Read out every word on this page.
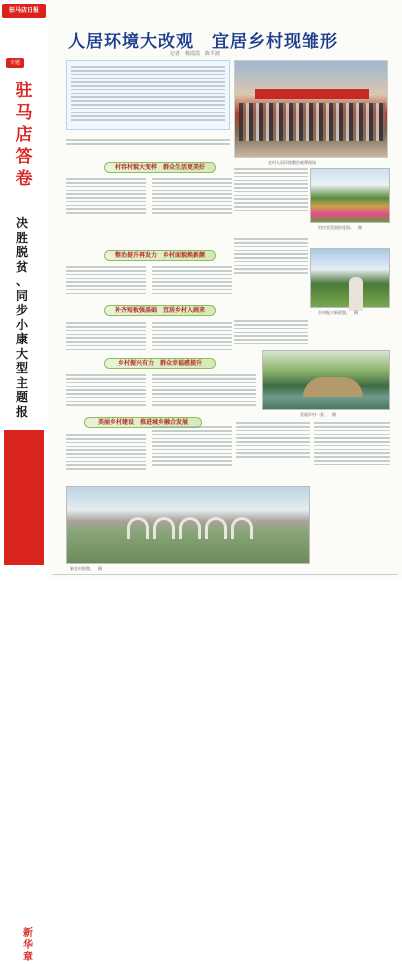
驻马店日报
专题
驻
马
店
答
卷
决
胜
脱
贫
、
同
步
小
康
大
型
主
题
报
新
华
章
人居环境大改观　宜居乡村现雏形
记者　杨霞霞　陈平波
农村人居环境整治观摩现场
村容村貌大变样　群众生活更美好
村庄里美丽的花海。　摄
整治提升再发力　乡村面貌焕新颜
乡村振兴新面貌。　摄
补齐短板强基础　宜居乡村入画来
美丽乡村一景。　摄
乡村振兴有力　群众幸福感提升
美丽乡村建设　推进城乡融合发展
新农村面貌。　摄
